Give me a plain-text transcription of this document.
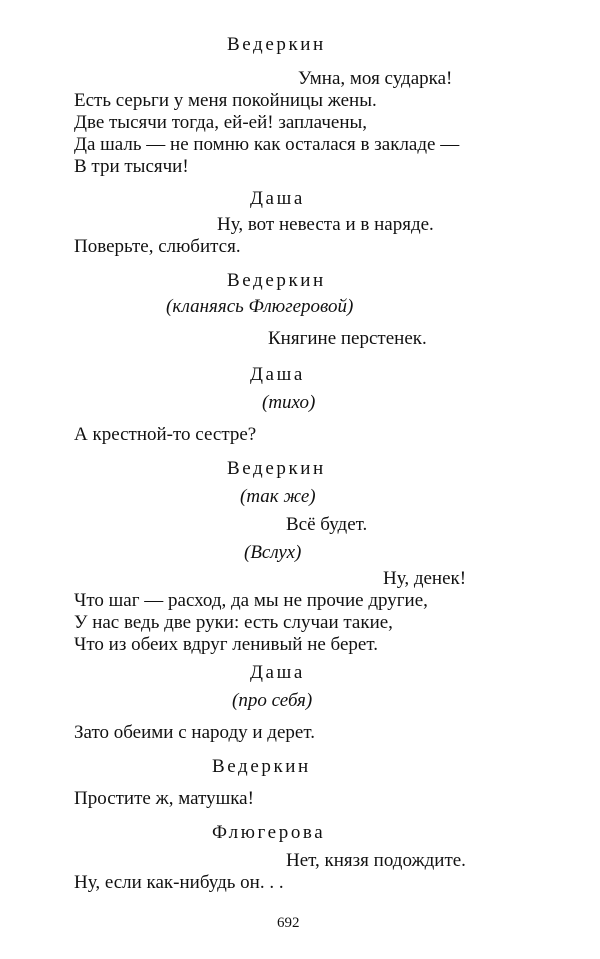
Ведеркин

Умна, моя сударка!

Есть серьги у меня покойницы жены.

Две тысячи тогда, ей-ей! заплачены,

Да шаль — не помню как осталася в закладе —

В три тысячи!

Даша

Ну, вот невеста и в наряде.

Поверьте, слюбится.

Ведеркин

(кланяясь Флюгеровой)

Княгине перстенек.

Даша

(тихо)

А крестной-то сестре?

Ведеркин

(так же)

Всё будет.

(Вслух)

Ну, денек!

Что шаг — расход, да мы не прочие другие,

У нас ведь две руки: есть случаи такие,

Что из обеих вдруг ленивый не берет.

Даша

(про себя)

Зато обеими с народу и дерет.

Ведеркин

Простите ж, матушка!

Флюгерова

Нет, князя подождите.

Ну, если как-нибудь он. . .

692
